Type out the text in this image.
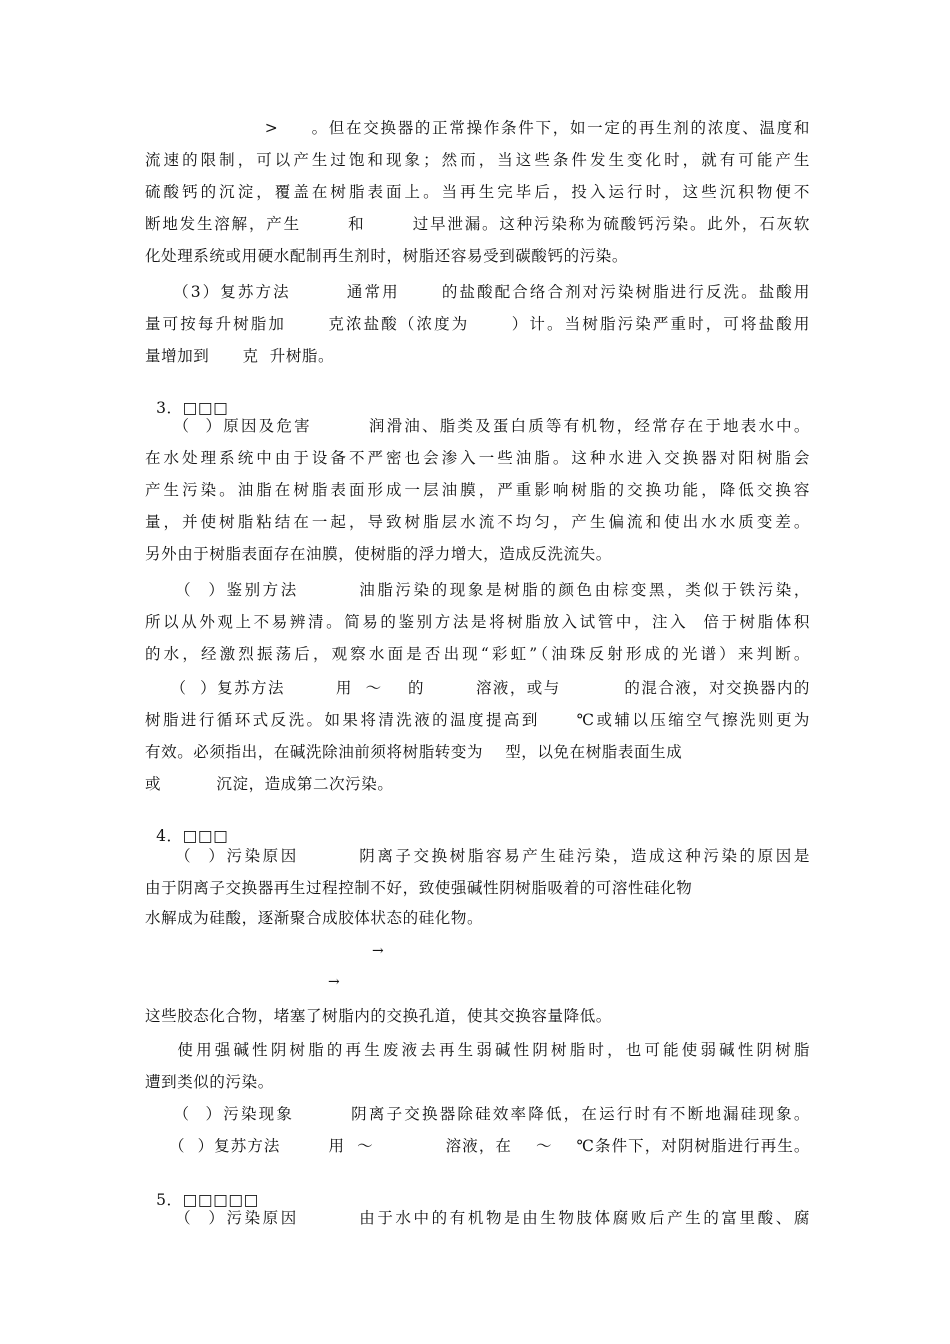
>     。但在交换器的正常操作条件下，如一定的再生剂的浓度、温度和
流速的限制，可以产生过饱和现象；然而，当这些条件发生变化时，就有可能产生
硫酸钙的沉淀，覆盖在树脂表面上。当再生完毕后，投入运行时，这些沉积物便不
断地发生溶解，产生       和       过早泄漏。这种污染称为硫酸钙污染。此外，石灰软
化处理系统或用硬水配制再生剂时，树脂还容易受到碳酸钙的污染。
（3）复苏方法        通常用      的盐酸配合络合剂对污染树脂进行反洗。盐酸用
量可按每升树脂加      克浓盐酸（浓度为      ）计。当树脂污染严重时，可将盐酸用
量增加到      克  升树脂。

3．□□□

（  ）原因及危害        润滑油、脂类及蛋白质等有机物，经常存在于地表水中。
在水处理系统中由于设备不严密也会渗入一些油脂。这种水进入交换器对阳树脂会
产生污染。油脂在树脂表面形成一层油膜，严重影响树脂的交换功能，降低交换容
量，并使树脂粘结在一起，导致树脂层水流不均匀，产生偏流和使出水水质变差。
另外由于树脂表面存在油膜，使树脂的浮力增大，造成反洗流失。
（  ）鉴别方法        油脂污染的现象是树脂的颜色由棕变黑，类似于铁污染，
所以从外观上不易辨清。简易的鉴别方法是将树脂放入试管中，注入  倍于树脂体积
的水，经激烈振荡后，观察水面是否出现“彩虹”（油珠反射形成的光谱）来判断。
（  ）复苏方法        用  ～    的        溶液，或与          的混合液，对交换器内的
树脂进行循环式反洗。如果将清洗液的温度提高到     ℃或辅以压缩空气擦洗则更为
有效。必须指出，在碱洗除油前须将树脂转变为    型，以免在树脂表面生成
或          沉淀，造成第二次污染。

4．□□□

（  ）污染原因        阴离子交换树脂容易产生硅污染，造成这种污染的原因是
由于阴离子交换器再生过程控制不好，致使强碱性阴树脂吸着的可溶性硅化物
水解成为硅酸，逐渐聚合成胶体状态的硅化物。
→
→
这些胶态化合物，堵塞了树脂内的交换孔道，使其交换容量降低。
使用强碱性阴树脂的再生废液去再生弱碱性阴树脂时，也可能使弱碱性阴树脂
遭到类似的污染。
（  ）污染现象        阴离子交换器除硅效率降低，在运行时有不断地漏硅现象。
（  ）复苏方法        用  ～            溶液，在    ～    ℃条件下，对阴树脂进行再生。

5．□□□□□

（  ）污染原因        由于水中的有机物是由生物肢体腐败后产生的富里酸、腐
